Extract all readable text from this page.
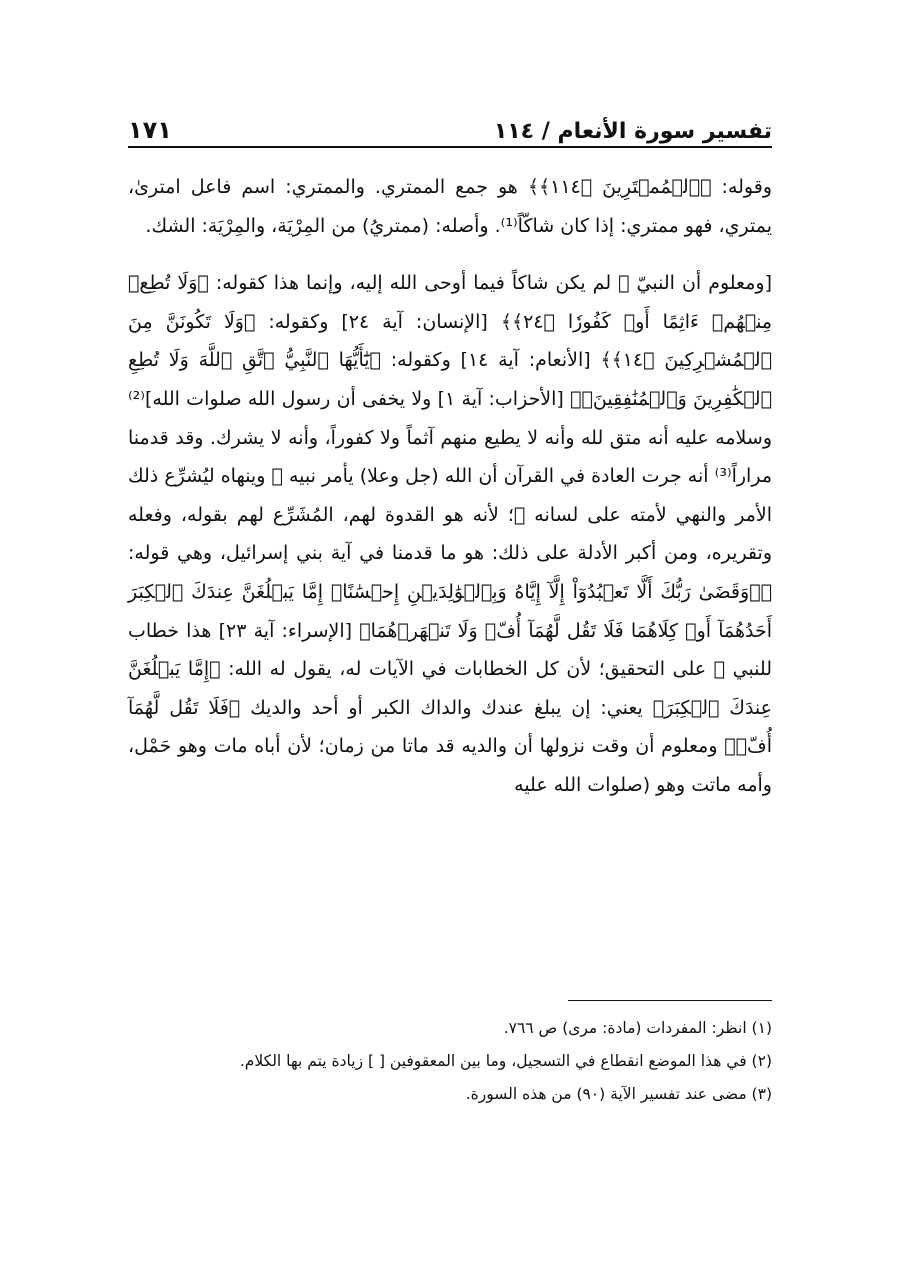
تفسير سورة الأنعام / ١١٤
١٧١

وقوله: ﴿ٱلۡمُمۡتَرِينَ ﴿١١٤﴾﴾ هو جمع الممتري. والممتري: اسم فاعل امترىٰ، يمتري، فهو ممتري: إذا كان شاكّاً⁽¹⁾. وأصله: (ممتريُ) من المِرْيَة، والمِرْيَة: الشك.

[ومعلوم أن النبيّ ﷺ لم يكن شاكاً فيما أوحى الله إليه، وإنما هذا كقوله: ﴿وَلَا تُطِعۡ مِنۡهُمۡ ءَاثِمًا أَوۡ كَفُورٗا ﴿٢٤﴾﴾ [الإنسان: آية ٢٤] وكقوله: ﴿وَلَا تَكُونَنَّ مِنَ ٱلۡمُشۡرِكِينَ ﴿١٤﴾﴾ [الأنعام: آية ١٤] وكقوله: ﴿يَٰٓأَيُّهَا ٱلنَّبِيُّ ٱتَّقِ ٱللَّهَ وَلَا تُطِعِ ٱلۡكَٰفِرِينَ وَٱلۡمُنَٰفِقِينَۚ﴾ [الأحزاب: آية ١] ولا يخفى أن رسول الله صلوات الله]⁽²⁾ وسلامه عليه أنه متق لله وأنه لا يطيع منهم آثماً ولا كفوراً، وأنه لا يشرك. وقد قدمنا مراراً⁽³⁾ أنه جرت العادة في القرآن أن الله (جل وعلا) يأمر نبيه ﷺ وينهاه ليُشرِّع ذلك الأمر والنهي لأمته على لسانه ﷺ؛ لأنه هو القدوة لهم، المُشَرِّع لهم بقوله، وفعله وتقريره، ومن أكبر الأدلة على ذلك: هو ما قدمنا في آية بني إسرائيل، وهي قوله: ﴿۞وَقَضَىٰ رَبُّكَ أَلَّا تَعۡبُدُوٓاْ إِلَّآ إِيَّاهُ وَبِٱلۡوَٰلِدَيۡنِ إِحۡسَٰنًاۚ إِمَّا يَبۡلُغَنَّ عِندَكَ ٱلۡكِبَرَ أَحَدُهُمَآ أَوۡ كِلَاهُمَا فَلَا تَقُل لَّهُمَآ أُفّٖ وَلَا تَنۡهَرۡهُمَا﴾ [الإسراء: آية ٢٣] هذا خطاب للنبي ﷺ على التحقيق؛ لأن كل الخطابات في الآيات له، يقول له الله: ﴿إِمَّا يَبۡلُغَنَّ عِندَكَ ٱلۡكِبَرَ﴾ يعني: إن يبلغ عندك والداك الكبر أو أحد والديك ﴿فَلَا تَقُل لَّهُمَآ أُفّٖ﴾ ومعلوم أن وقت نزولها أن والديه قد ماتا من زمان؛ لأن أباه مات وهو حَمْل، وأمه ماتت وهو (صلوات الله عليه

(١) انظر: المفردات (مادة: مرى) ص ٧٦٦.

(٢) في هذا الموضع انقطاع في التسجيل، وما بين المعقوفين [ ] زيادة يتم بها الكلام.

(٣) مضى عند تفسير الآية (٩٠) من هذه السورة.
